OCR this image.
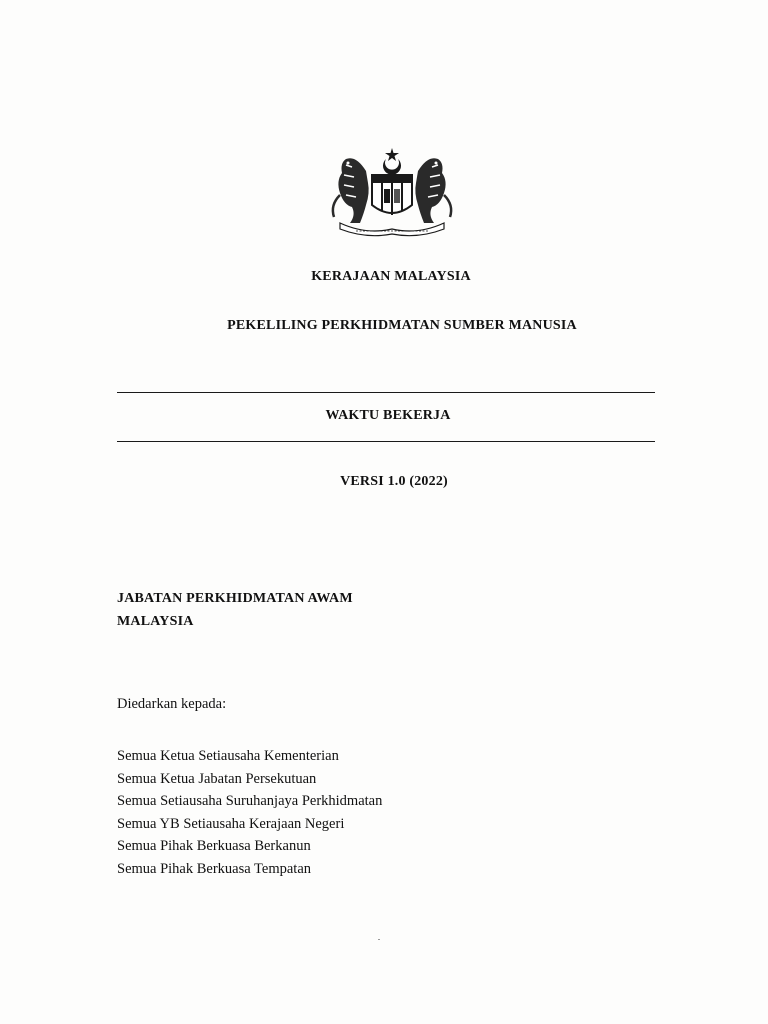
KERAJAAN MALAYSIA
PEKELILING PERKHIDMATAN SUMBER MANUSIA
WAKTU BEKERJA
VERSI 1.0 (2022)
JABATAN PERKHIDMATAN AWAM
MALAYSIA
Diedarkan kepada:
Semua Ketua Setiausaha Kementerian
Semua Ketua Jabatan Persekutuan
Semua Setiausaha Suruhanjaya Perkhidmatan
Semua YB Setiausaha Kerajaan Negeri
Semua Pihak Berkuasa Berkanun
Semua Pihak Berkuasa Tempatan
